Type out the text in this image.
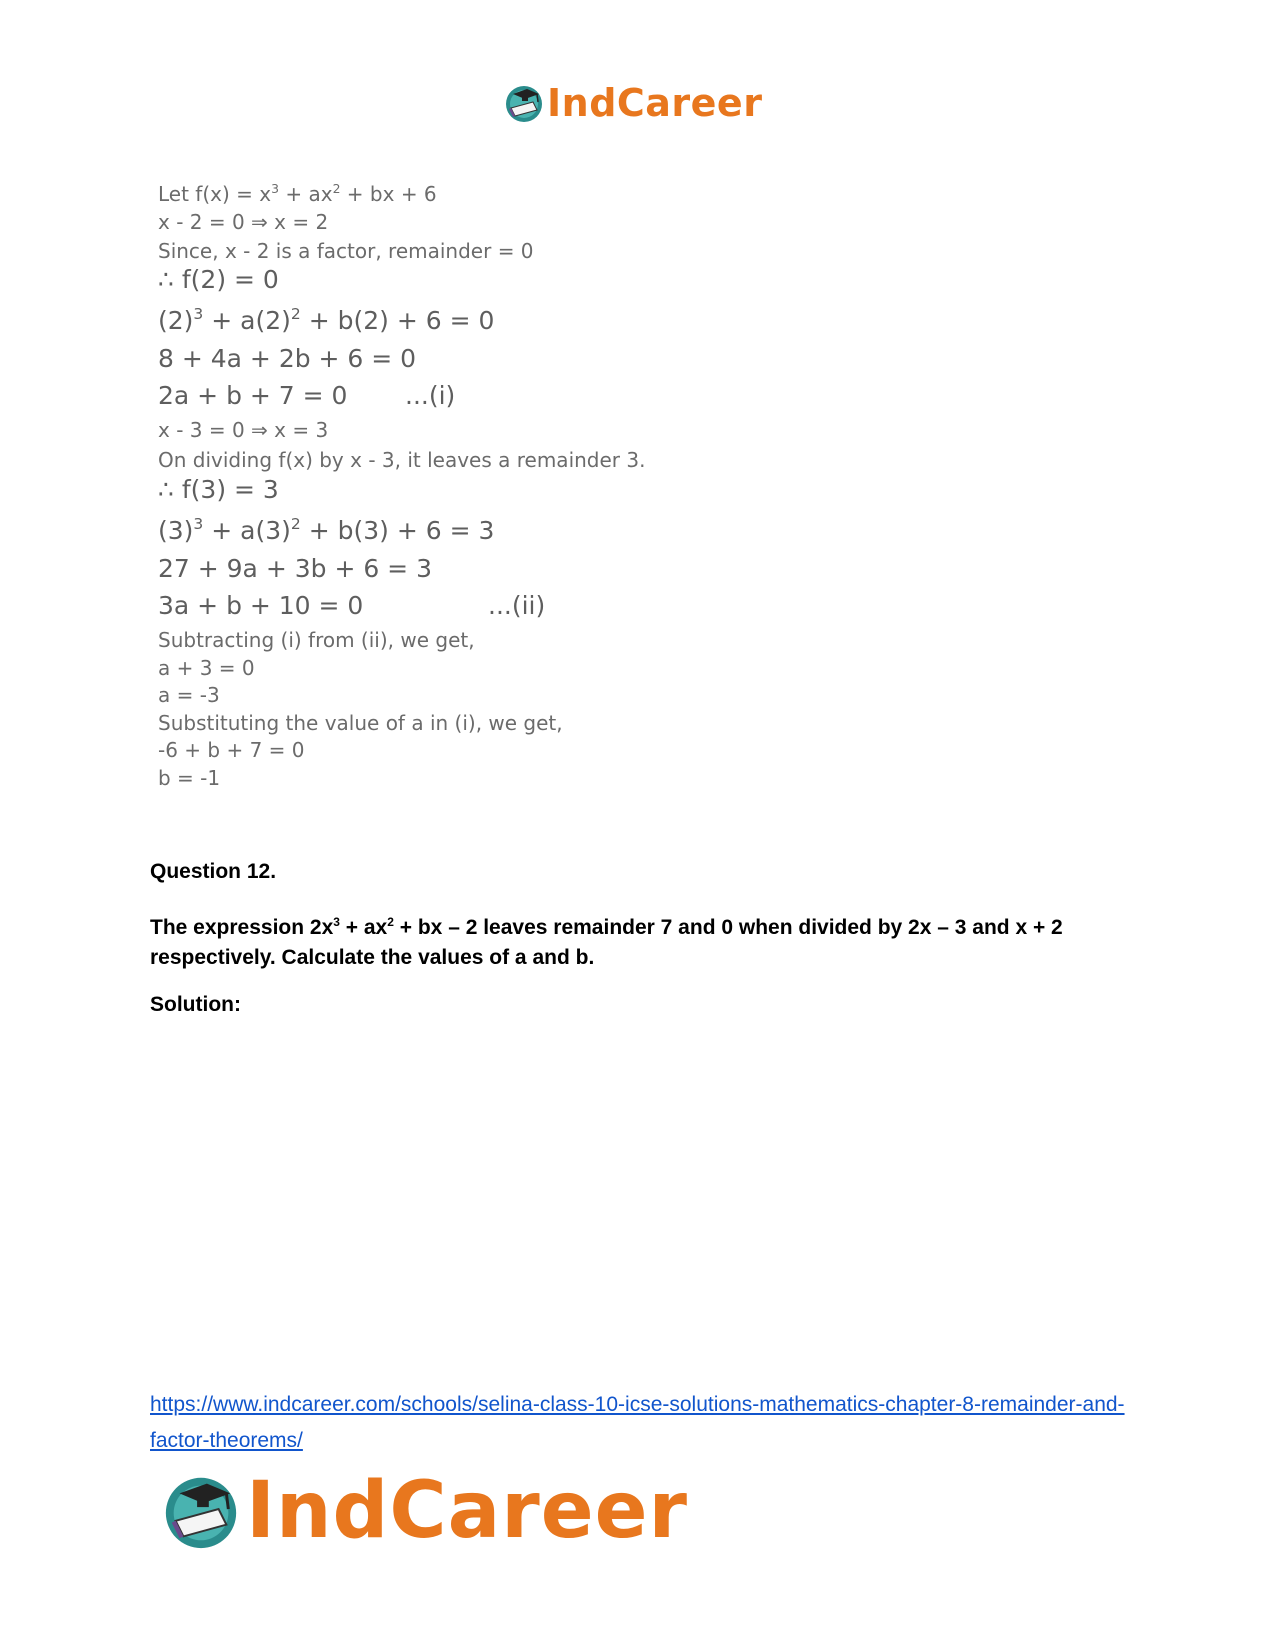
IndCareer
Let $f(x) = x^3 + ax^2$ + bx + 6
x - 2 = 0 ⇒ x = 2
Since, x - 2 is a factor, remainder = 0
∴ f(2) = 0
$(2)^3 + a(2)^2 + b(2) + 6 = 0$
8 + 4a + 2b + 6 = 0
2a + b + 7 = 0 ...(i)
x - 3 = 0 ⇒ x = 3
On dividing f(x) by x - 3, it leaves a remainder 3.
∴ f(3) = 3
$(3)^3 + a(3)^2 + b(3) + 6 = 3$
27 + 9a + 3b + 6 = 3
3a + b + 10 = 0	...(ii)
Subtracting (i) from (ii), we get,
a + 3 = 0
a = -3
Substituting the value of a in (i), we get,
-6 + b + 7 = 0
b = -1
Question 12.
The expression $2x^3 + ax^2$ + bx – 2 leaves remainder 7 and 0 when divided by 2x – 3 and x + 2 respectively. Calculate the values of a and b.
Solution:
https://www.indcareer.com/schools/selina-class-10-icse-solutions-mathematics-chapter-8-remainder-and-factor-theorems/
IndCareer
